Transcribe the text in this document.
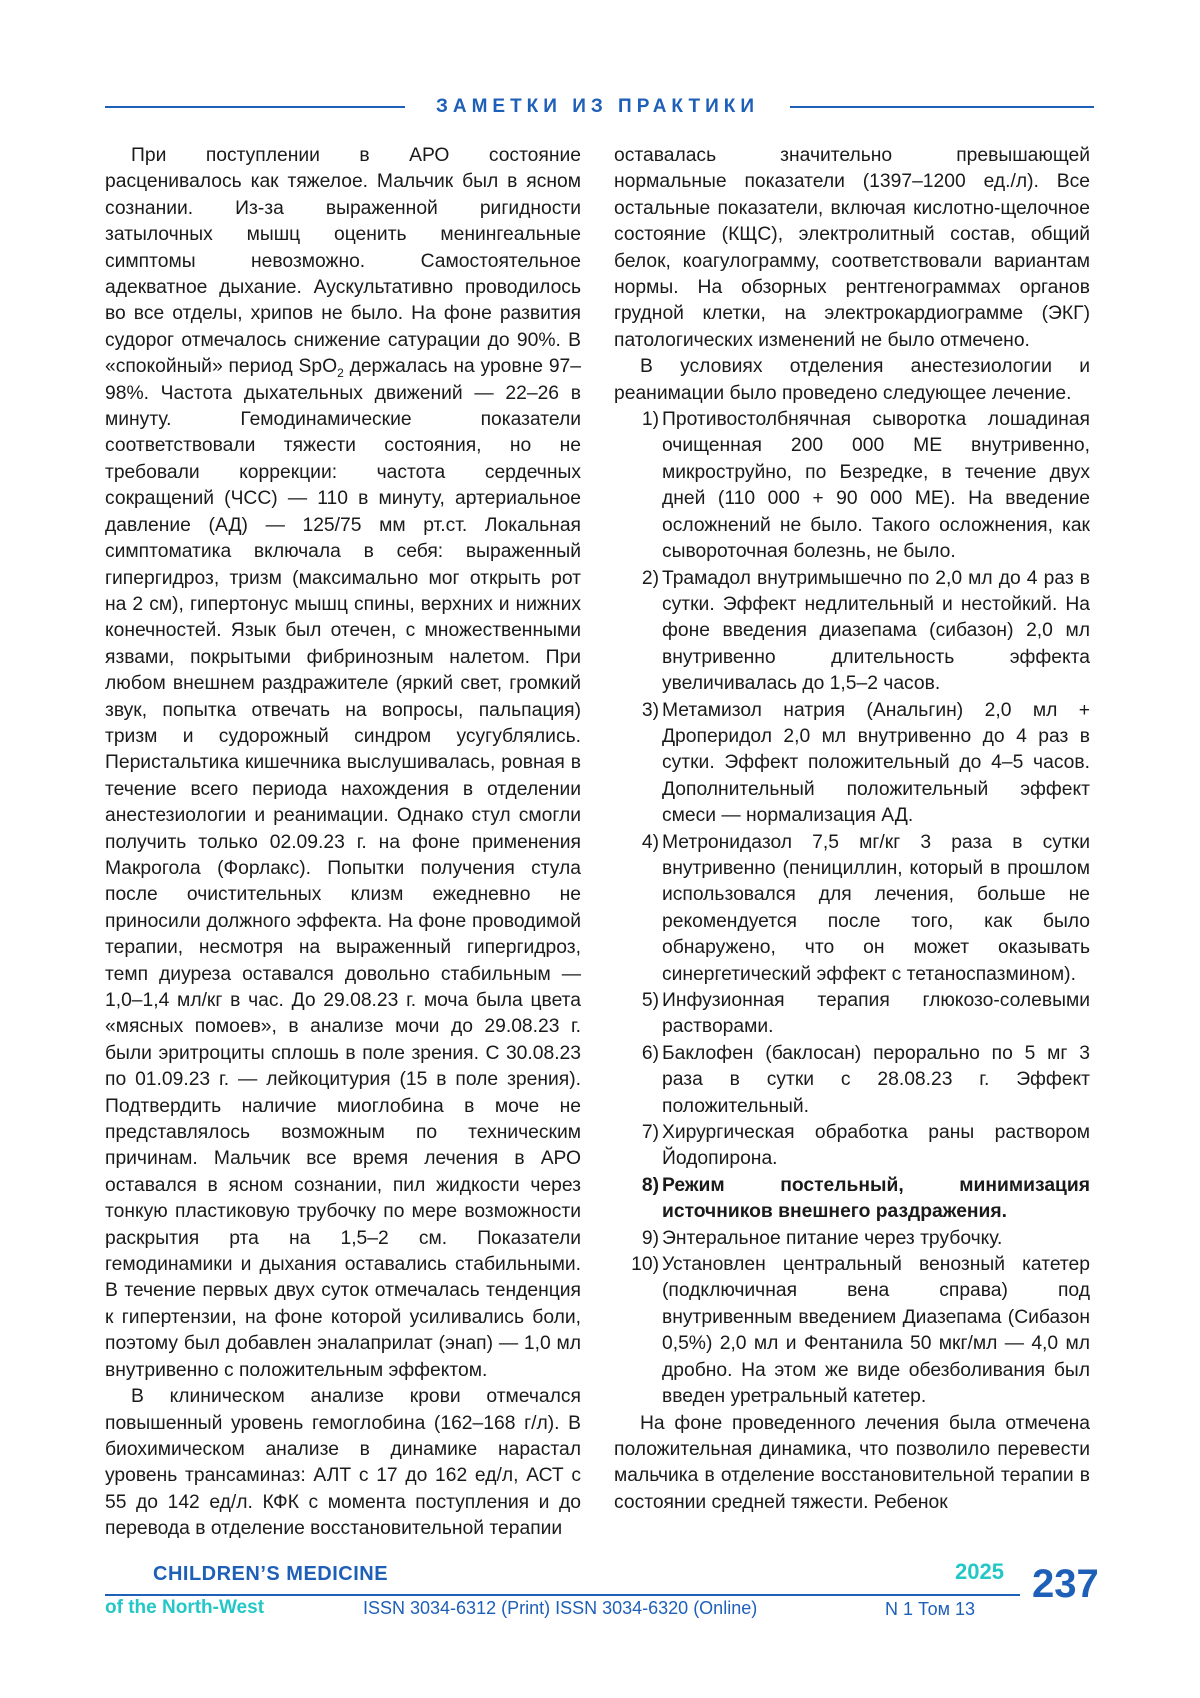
ЗАМЕТКИ ИЗ ПРАКТИКИ

При поступлении в АРО состояние расценивалось как тяжелое. Мальчик был в ясном сознании. Из-за выраженной ригидности затылочных мышц оценить менингеальные симптомы невозможно. Самостоятельное адекватное дыхание. Аускультативно проводилось во все отделы, хрипов не было. На фоне развития судорог отмечалось снижение сатурации до 90%. В «спокойный» период SpO$_2$ держалась на уровне 97–98%. Частота дыхательных движений — 22–26 в минуту. Гемодинамические показатели соответствовали тяжести состояния, но не требовали коррекции: частота сердечных сокращений (ЧСС) — 110 в минуту, артериальное давление (АД) — 125/75 мм рт.ст. Локальная симптоматика включала в себя: выраженный гипергидроз, тризм (максимально мог открыть рот на 2 см), гипертонус мышц спины, верхних и нижних конечностей. Язык был отечен, с множественными язвами, покрытыми фибринозным налетом. При любом внешнем раздражителе (яркий свет, громкий звук, попытка отвечать на вопросы, пальпация) тризм и судорожный синдром усугублялись. Перистальтика кишечника выслушивалась, ровная в течение всего периода нахождения в отделении анестезиологии и реанимации. Однако стул смогли получить только 02.09.23 г. на фоне применения Макрогола (Форлакс). Попытки получения стула после очистительных клизм ежедневно не приносили должного эффекта. На фоне проводимой терапии, несмотря на выраженный гипергидроз, темп диуреза оставался довольно стабильным — 1,0–1,4 мл/кг в час. До 29.08.23 г. моча была цвета «мясных помоев», в анализе мочи до 29.08.23 г. были эритроциты сплошь в поле зрения. С 30.08.23 по 01.09.23 г. — лейкоцитурия (15 в поле зрения). Подтвердить наличие миоглобина в моче не представлялось возможным по техническим причинам. Мальчик все время лечения в АРО оставался в ясном сознании, пил жидкости через тонкую пластиковую трубочку по мере возможности раскрытия рта на 1,5–2 см. Показатели гемодинамики и дыхания оставались стабильными. В течение первых двух суток отмечалась тенденция к гипертензии, на фоне которой усиливались боли, поэтому был добавлен эналаприлат (энап) — 1,0 мл внутривенно с положительным эффектом.

В клиническом анализе крови отмечался повышенный уровень гемоглобина (162–168 г/л). В биохимическом анализе в динамике нарастал уровень трансаминаз: АЛТ с 17 до 162 ед/л, АСТ с 55 до 142 ед/л. КФК с момента поступления и до перевода в отделение восстановительной терапии

оставалась значительно превышающей нормальные показатели (1397–1200 ед./л). Все остальные показатели, включая кислотно-щелочное состояние (КЩС), электролитный состав, общий белок, коагулограмму, соответствовали вариантам нормы. На обзорных рентгенограммах органов грудной клетки, на электрокардиограмме (ЭКГ) патологических изменений не было отмечено.

В условиях отделения анестезиологии и реанимации было проведено следующее лечение.

1) Противостолбнячная сыворотка лошадиная очищенная 200 000 МЕ внутривенно, микроструйно, по Безредке, в течение двух дней (110 000 + 90 000 МЕ). На введение осложнений не было. Такого осложнения, как сывороточная болезнь, не было.
2) Трамадол внутримышечно по 2,0 мл до 4 раз в сутки. Эффект недлительный и нестойкий. На фоне введения диазепама (сибазон) 2,0 мл внутривенно длительность эффекта увеличивалась до 1,5–2 часов.
3) Метамизол натрия (Анальгин) 2,0 мл + Дроперидол 2,0 мл внутривенно до 4 раз в сутки. Эффект положительный до 4–5 часов. Дополнительный положительный эффект смеси — нормализация АД.
4) Метронидазол 7,5 мг/кг 3 раза в сутки внутривенно (пенициллин, который в прошлом использовался для лечения, больше не рекомендуется после того, как было обнаружено, что он может оказывать синергетический эффект с тетаноспазмином).
5) Инфузионная терапия глюкозо-солевыми растворами.
6) Баклофен (баклосан) перорально по 5 мг 3 раза в сутки с 28.08.23 г. Эффект положительный.
7) Хирургическая обработка раны раствором Йодопирона.
8) Режим постельный, минимизация источников внешнего раздражения.
9) Энтеральное питание через трубочку.
10) Установлен центральный венозный катетер (подключичная вена справа) под внутривенным введением Диазепама (Сибазон 0,5%) 2,0 мл и Фентанила 50 мкг/мл — 4,0 мл дробно. На этом же виде обезболивания был введен уретральный катетер.

На фоне проведенного лечения была отмечена положительная динамика, что позволило перевести мальчика в отделение восстановительной терапии в состоянии средней тяжести. Ребенок

CHILDREN’S MEDICINE	2025
of the North-West	ISSN 3034-6312 (Print) ISSN 3034-6320 (Online)	N 1 Том 13
237
